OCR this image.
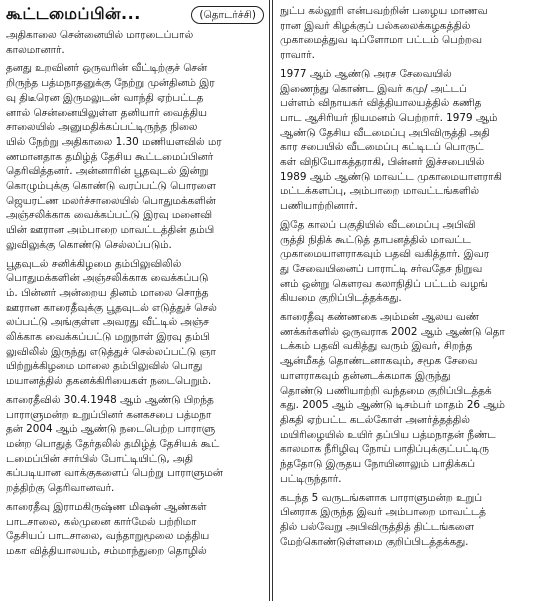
கூட்டமைப்பின்...	(தொடர்ச்சி)

அதிகாலை சென்னையில் மாரடைப்பால்
காலமானார்.

தனது உறவினர் ஒருவரின் வீட்டிற்குச் சென்
றிருந்த பத்மநாதனுக்கு நேற்று முன்தினம் இர
வு திடீரென இருமலுடன் வாந்தி ஏற்பட்டத
னால் சென்னையிலுள்ள தனியார் வைத்திய
சாலையில் அனுமதிக்கப்பட்டிருந்த நிலை
யில் நேற்று அதிகாலை 1.30 மணியளவில் மர
ணமானதாக தமிழ்த் தேசிய கூட்டமைப்பினர்
தெரிவித்தனர். அன்னாரின் பூதவுடல் இன்று
கொழும்புக்கு கொண்டு வரப்பட்டு பொரளை
ஜெயரட்ண மலர்ச்சாலையில் பொதுமக்களின்
அஞ்சலிக்காக வைக்கப்பட்டு இரவு மனைவி
யின் ஊரான அம்பாறை மாவட்டத்தின் தம்பி
லுவிலுக்கு கொண்டு செல்லப்படும்.

பூதவுடல் சனிக்கிழமை தம்பிலுவிலில்
பொதுமக்களின் அஞ்சலிக்காக வைக்கப்படு
ம். பின்னர் அன்றைய தினம் மாலை சொந்த
ஊரான காரைதீவுக்கு பூதவுடல் எடுத்துச் செல்
லப்பட்டு அங்குள்ள அவரது வீட்டில் அஞ்ச
லிக்காக வைக்கப்பட்டு மறுநாள் இரவு தம்பி
லுவிலில் இருந்து எடுத்துச் செல்லப்பட்டு ஞா
யிற்றுக்கிழமை மாலை தம்பிலுவில் பொது
மயானத்தில் தகனக்கிரியைகள் நடைபெறும்.

காரைதீவில் 30.4.1948 ஆம் ஆண்டு பிறந்த
பாராளுமன்ற உறுப்பினர் கனகசபை பத்மநா
தன் 2004 ஆம் ஆண்டு நடைபெற்ற பாராளு
மன்ற பொதுத் தேர்தலில் தமிழ்த் தேசியக் கூட்
டமைப்பின் சார்பில் போட்டியிட்டு, அதி
கப்படியான வாக்குகளைப் பெற்று பாராளுமன்
றத்திற்கு தெரிவானவர்.

காரைதீவு இராமகிருஷ்ண மிஷன் ஆண்கள்
பாடசாலை, கல்முனை கார்மேல் பற்றிமா
தேசியப் பாடசாலை, வந்தாறுமூலை மத்திய
மகா வித்தியாலயம், சம்மாந்துறை தொழில்

நுட்ப கல்லூரி என்பவற்றின் பழைய மாணவ
ரான இவர் கிழக்குப் பல்கலைக்கழகத்தில்
முகாமைத்துவ டிப்ளோமா பட்டம் பெற்றவ
ராவார்.

1977 ஆம் ஆண்டு அரச சேவையில்
இணைந்து கொண்ட இவர் கமு/ அட்டப்
பள்ளம் விநாயகர் வித்தியாலயத்தில் கணித
பாட ஆசிரியர் நியமனம் பெற்றார். 1979 ஆம்
ஆண்டு தேசிய வீடமைப்பு அபிவிருத்தி அதி
கார சபையில் வீடமைப்பு கட்டிடப் பொருட்
கள் விநியோகத்தராகி, பின்னர் இச்சபையில்
1989 ஆம் ஆண்டு மாவட்ட முகாமையாளராகி
மட்டக்களப்பு, அம்பாறை மாவட்டங்களில்
பணியாற்றினார்.

இதே காலப் பகுதியில் வீடமைப்பு அபிவி
ருத்தி நிதிக் கூட்டுத் தாபனத்தில் மாவட்ட
முகாமையாளராகவும் பதவி வகித்தார். இவர
து சேவையினைப் பாராட்டி சர்வதேச நிறுவ
னம் ஒன்று கௌரவ கலாநிதிப் பட்டம் வழங்
கியமை குறிப்பிடத்தக்கது.

காரைதீவு கண்ணகை அம்மன் ஆலய வண்
ணக்கர்களில் ஒருவராக 2002 ஆம் ஆண்டு தொ
டக்கம் பதவி வகித்து வரும் இவர், சிறந்த
ஆன்மீகத் தொண்டனாகவும், சமூக சேவை
யாளராகவும் தன்னடக்கமாக இருந்து
தொண்டு பணியாற்றி வந்தமை குறிப்பிடத்தக்
கது. 2005 ஆம் ஆண்டு டிசம்பர் மாதம் 26 ஆம்
திகதி ஏற்பட்ட கடல்கோள் அனர்த்தத்தில்
மயிரிழையில் உயிர் தப்பிய பத்மநாதன் நீண்ட
காலமாக நீரிழிவு நோய் பாதிப்புக்குட்பட்டிரு
ந்ததோடு இருதய நோயினாலும் பாதிக்கப்
பட்டிருந்தார்.

கடந்த 5 வருடங்களாக பாராளுமன்ற உறுப்
பினராக இருந்த இவர் அம்பாறை மாவட்டத்
தில் பல்வேறு அபிவிருத்தித் திட்டங்களை
மேற்கொண்டுள்ளமை குறிப்பிடத்தக்கது.
